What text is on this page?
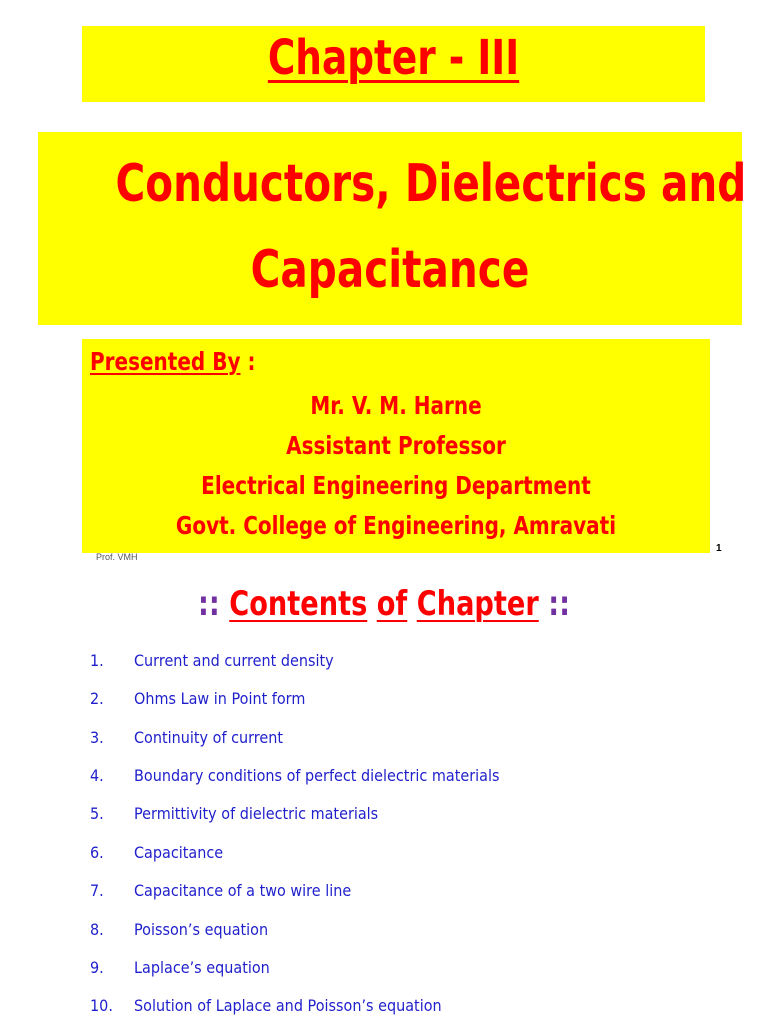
Chapter - III
Conductors, Dielectrics and
Capacitance
Presented By :
Mr. V. M. Harne
Assistant Professor
Electrical Engineering Department
Govt. College of Engineering, Amravati
Prof. VMH
1
:: Contents of Chapter ::
1. Current and current density
2. Ohms Law in Point form
3. Continuity of current
4. Boundary conditions of perfect dielectric materials
5. Permittivity of dielectric materials
6. Capacitance
7. Capacitance of a two wire line
8. Poisson’s equation
9. Laplace’s equation
10. Solution of Laplace and Poisson’s equation
